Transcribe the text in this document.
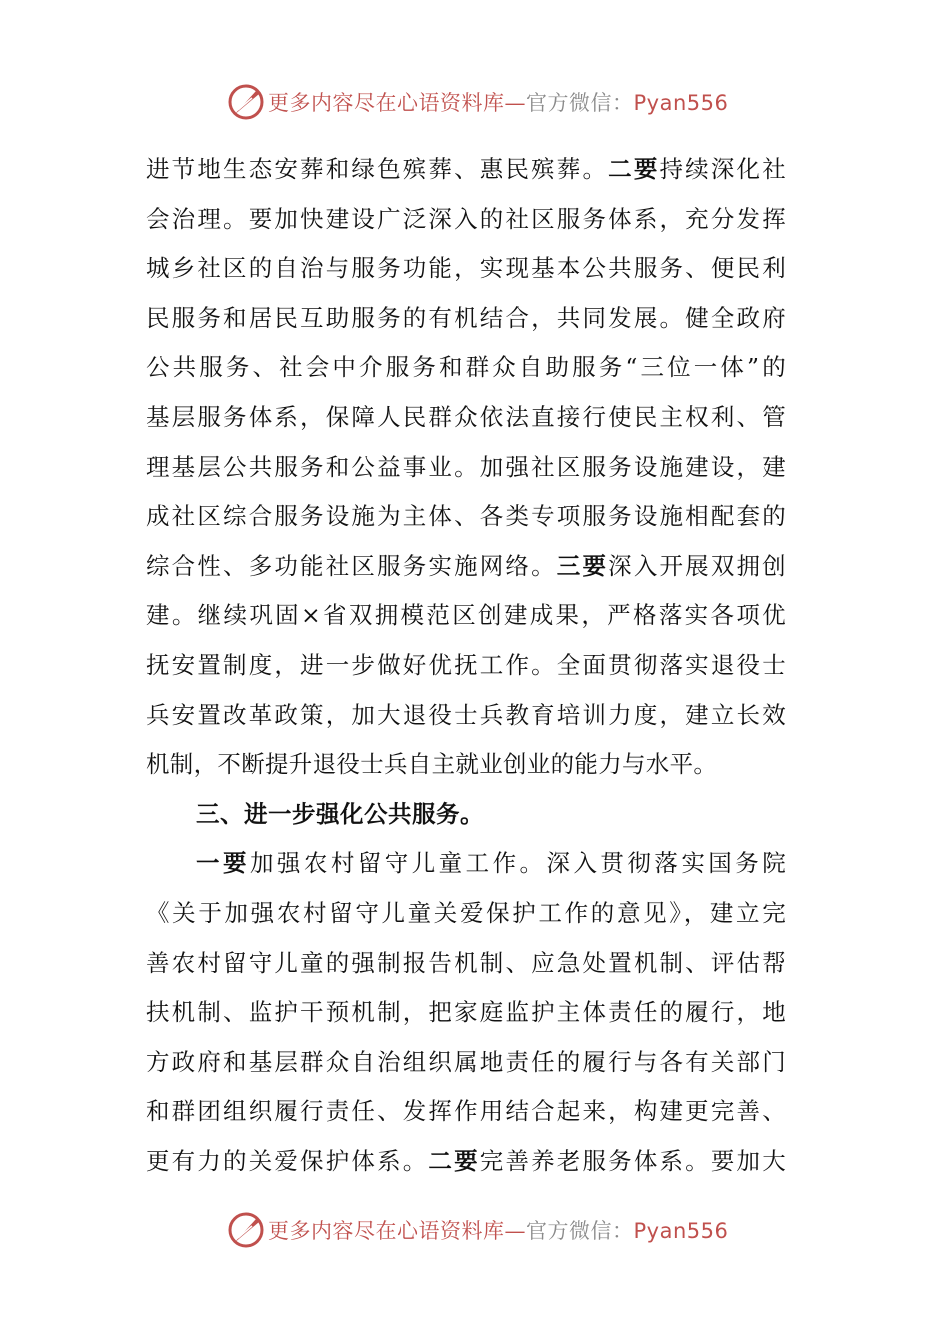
更多内容尽在心语资料库—官方微信：Pyan556
进节地生态安葬和绿色殡葬、惠民殡葬。二要持续深化社
会治理。要加快建设广泛深入的社区服务体系，充分发挥
城乡社区的自治与服务功能，实现基本公共服务、便民利
民服务和居民互助服务的有机结合，共同发展。健全政府
公共服务、社会中介服务和群众自助服务“三位一体”的
基层服务体系，保障人民群众依法直接行使民主权利、管
理基层公共服务和公益事业。加强社区服务设施建设，建
成社区综合服务设施为主体、各类专项服务设施相配套的
综合性、多功能社区服务实施网络。三要深入开展双拥创
建。继续巩固×省双拥模范区创建成果，严格落实各项优
抚安置制度，进一步做好优抚工作。全面贯彻落实退役士
兵安置改革政策，加大退役士兵教育培训力度，建立长效
机制，不断提升退役士兵自主就业创业的能力与水平。
三、进一步强化公共服务。
一要加强农村留守儿童工作。深入贯彻落实国务院
《关于加强农村留守儿童关爱保护工作的意见》，建立完
善农村留守儿童的强制报告机制、应急处置机制、评估帮
扶机制、监护干预机制，把家庭监护主体责任的履行，地
方政府和基层群众自治组织属地责任的履行与各有关部门
和群团组织履行责任、发挥作用结合起来，构建更完善、
更有力的关爱保护体系。二要完善养老服务体系。要加大
更多内容尽在心语资料库—官方微信：Pyan556
